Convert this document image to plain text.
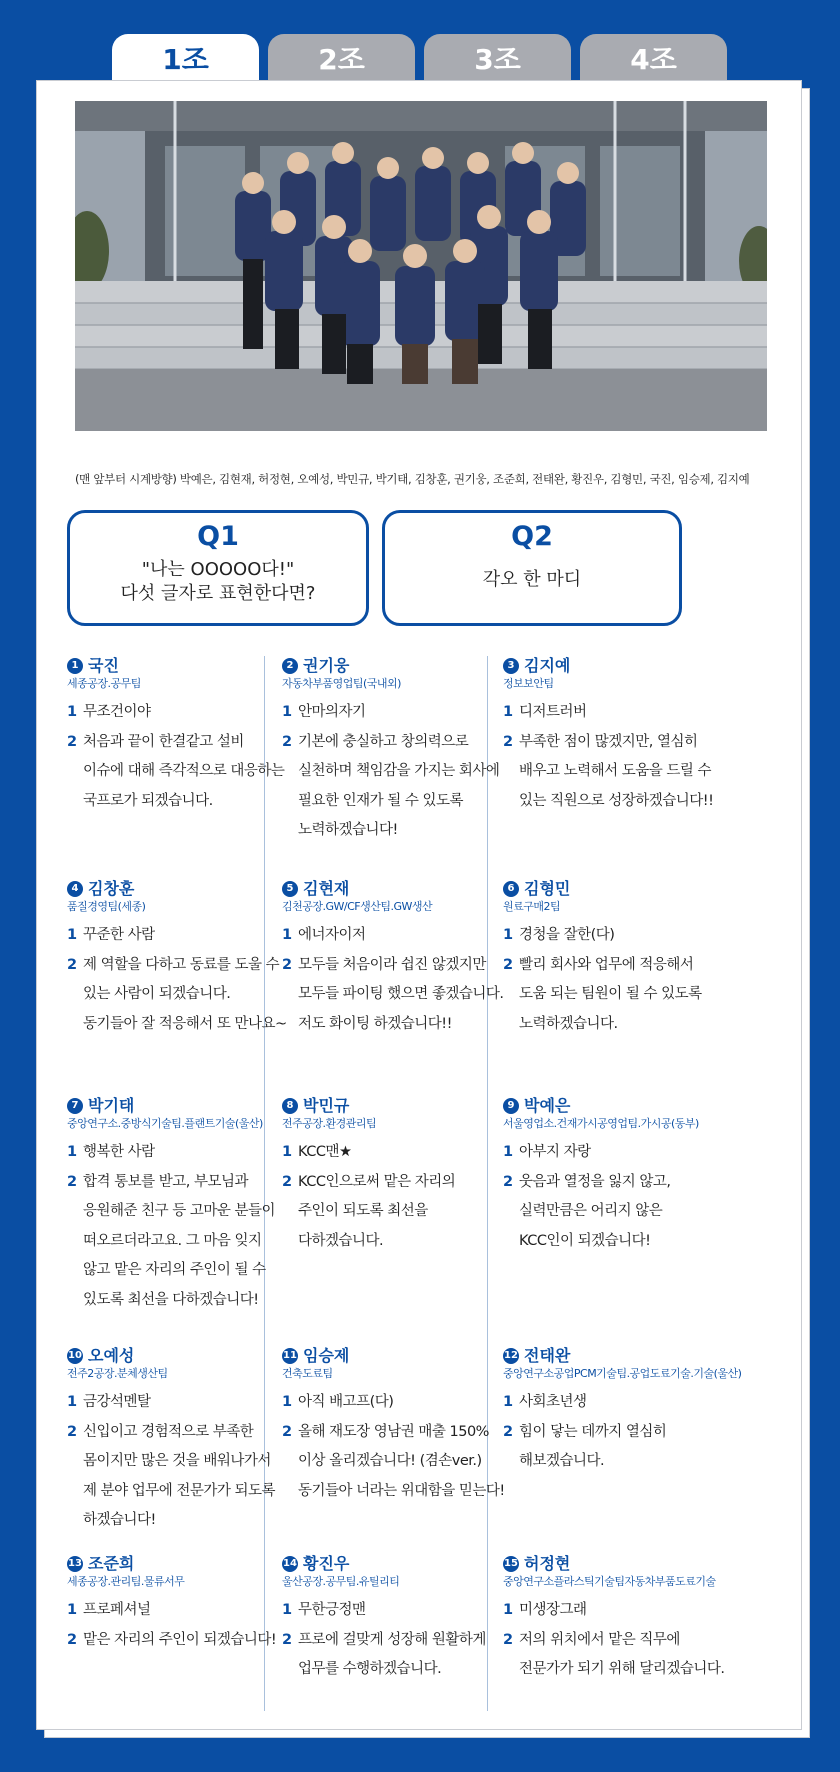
1조	2조	3조	4조
(맨 앞부터 시계방향) 박예은, 김현재, 허정현, 오예성, 박민규, 박기태, 김창훈, 권기웅, 조준희, 전태완, 황진우, 김형민, 국진, 임승제, 김지예
Q1
"나는 OOOOO다!"
다섯 글자로 표현한다면?
Q2
각오 한 마디
1 국진
세종공장.공무팀
1 무조건이야
2 처음과 끝이 한결같고 설비
이슈에 대해 즉각적으로 대응하는
국프로가 되겠습니다.
2 권기웅
자동차부품영업팀(국내외)
1 안마의자기
2 기본에 충실하고 창의력으로
실천하며 책임감을 가지는 회사에
필요한 인재가 될 수 있도록
노력하겠습니다!
3 김지예
정보보안팀
1 디저트러버
2 부족한 점이 많겠지만, 열심히
배우고 노력해서 도움을 드릴 수
있는 직원으로 성장하겠습니다!!
4 김창훈
품질경영팀(세종)
1 꾸준한 사람
2 제 역할을 다하고 동료를 도울 수
있는 사람이 되겠습니다.
동기들아 잘 적응해서 또 만나요~
5 김현재
김천공장.GW/CF생산팀.GW생산
1 에너자이저
2 모두들 처음이라 쉽진 않겠지만
모두들 파이팅 했으면 좋겠습니다.
저도 화이팅 하겠습니다!!
6 김형민
원료구매2팀
1 경청을 잘한(다)
2 빨리 회사와 업무에 적응해서
도움 되는 팀원이 될 수 있도록
노력하겠습니다.
7 박기태
중앙연구소.중방식기술팀.플랜트기술(울산)
1 행복한 사람
2 합격 통보를 받고, 부모님과
응원해준 친구 등 고마운 분들이
떠오르더라고요. 그 마음 잊지
않고 맡은 자리의 주인이 될 수
있도록 최선을 다하겠습니다!
8 박민규
전주공장.환경관리팀
1 KCC맨★
2 KCC인으로써 맡은 자리의
주인이 되도록 최선을
다하겠습니다.
9 박예은
서울영업소.건재가시공영업팀.가시공(동부)
1 아부지 자랑
2 웃음과 열정을 잃지 않고,
실력만큼은 어리지 않은
KCC인이 되겠습니다!
10 오예성
전주2공장.분체생산팀
1 금강석멘탈
2 신입이고 경험적으로 부족한
몸이지만 많은 것을 배워나가서
제 분야 업무에 전문가가 되도록
하겠습니다!
11 임승제
건축도료팀
1 아직 배고프(다)
2 올해 재도장 영남권 매출 150%
이상 올리겠습니다! (겸손ver.)
동기들아 너라는 위대함을 믿는다!
12 전태완
중앙연구소공업PCM기술팀.공업도료기술.기술(울산)
1 사회초년생
2 힘이 닿는 데까지 열심히
해보겠습니다.
13 조준희
세종공장.관리팀.물류서무
1 프로페셔널
2 맡은 자리의 주인이 되겠습니다!
14 황진우
울산공장.공무팀.유틸리티
1 무한긍정맨
2 프로에 걸맞게 성장해 원활하게
업무를 수행하겠습니다.
15 허정현
중앙연구소플라스틱기술팀자동차부품도료기술
1 미생장그래
2 저의 위치에서 맡은 직무에
전문가가 되기 위해 달리겠습니다.
